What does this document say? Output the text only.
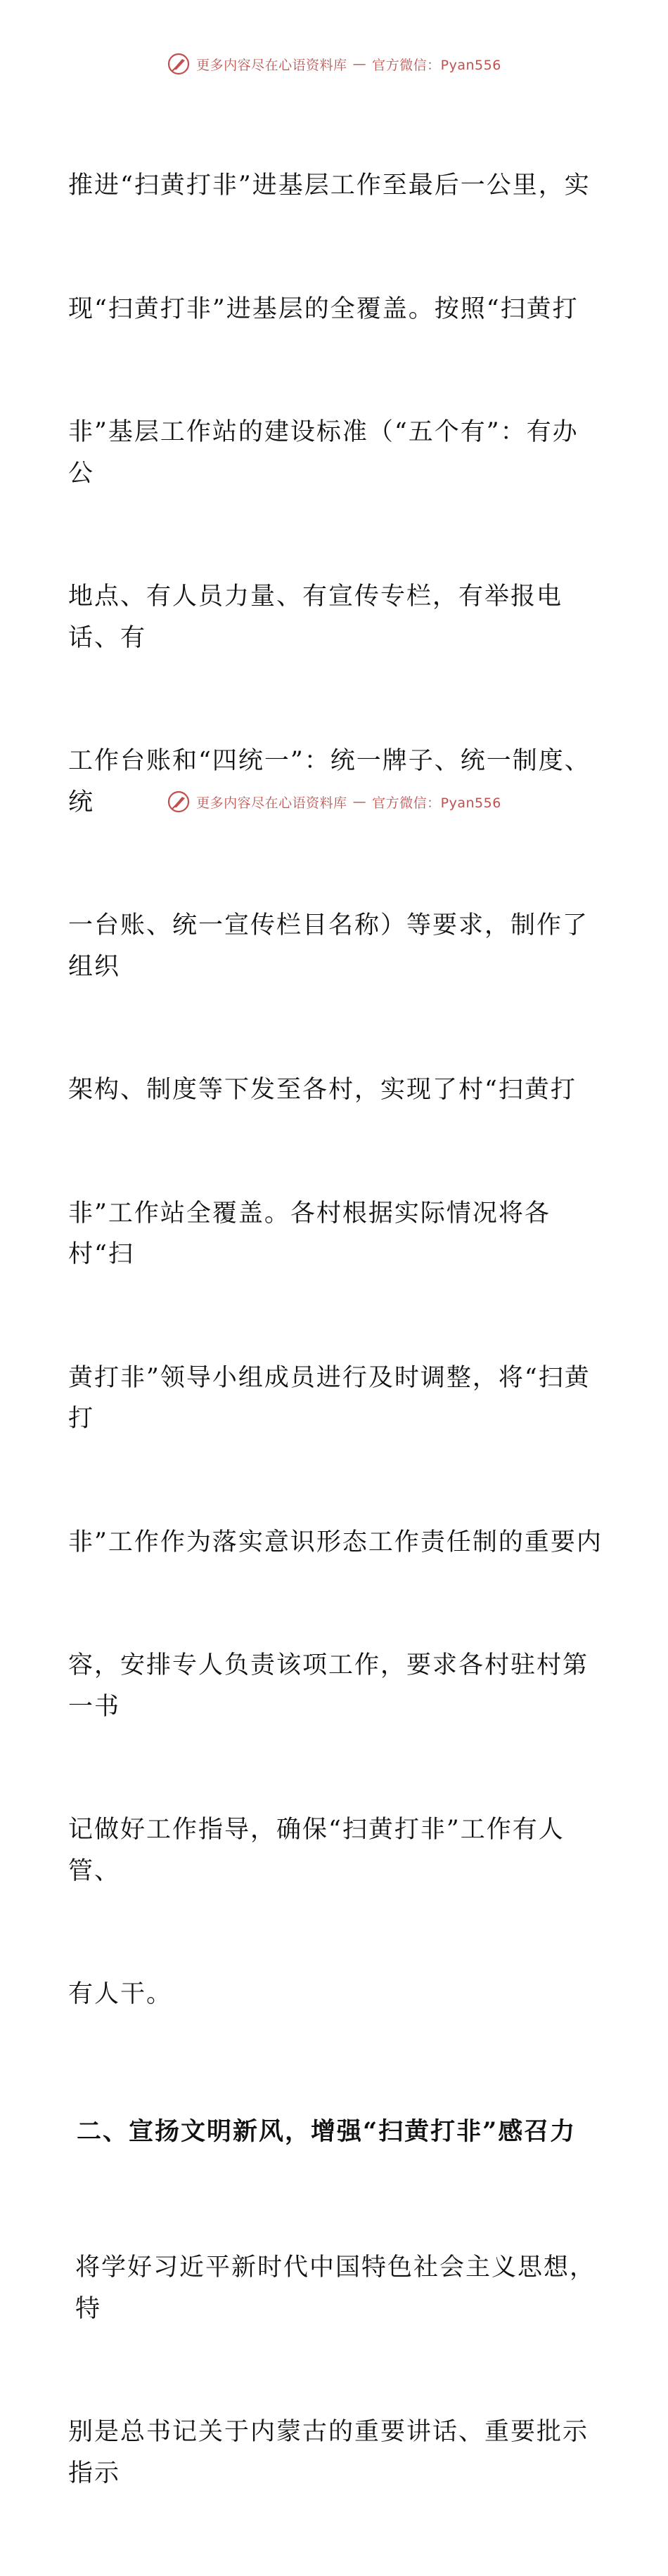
更多内容尽在心语资料库 — 官方微信：Pyan556

推进“扫黄打非”进基层工作至最后一公里，实

现“扫黄打非”进基层的全覆盖。按照“扫黄打

非”基层工作站的建设标准（“五个有”：有办公

地点、有人员力量、有宣传专栏，有举报电话、有

工作台账和“四统一”：统一牌子、统一制度、统

一台账、统一宣传栏目名称）等要求，制作了组织

架构、制度等下发至各村，实现了村“扫黄打

非”工作站全覆盖。各村根据实际情况将各村“扫

黄打非”领导小组成员进行及时调整，将“扫黄打

非”工作作为落实意识形态工作责任制的重要内

容，安排专人负责该项工作，要求各村驻村第一书

记做好工作指导，确保“扫黄打非”工作有人管、

有人干。

二、宣扬文明新风，增强“扫黄打非”感召力

将学好习近平新时代中国特色社会主义思想，特

别是总书记关于内蒙古的重要讲话、重要批示指示

更多内容尽在心语资料库 — 官方微信：Pyan556
